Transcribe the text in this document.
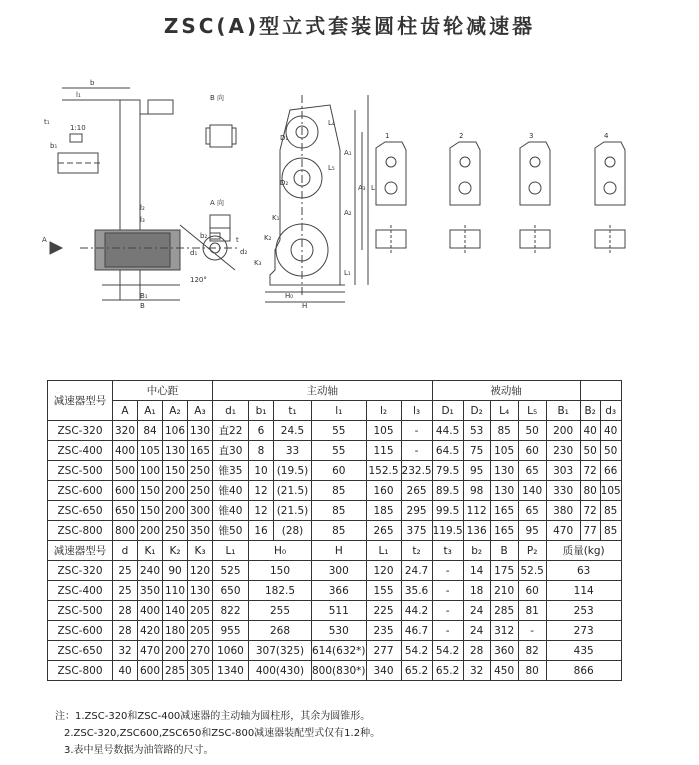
ZSC(A)型立式套装圆柱齿轮减速器
B 向
A 向
A
120°
1:10
1	2	3	4
b
l₁
b₁
t₁
b₂
d₁
t
l₂
d₂
l₃
B₁
B	H
H₀
L
A₁
A₂
A₃
L₁
L₄
L₅
D₁
D₂
K₁
K₂
K₃
减速器型号	中心距				主动轴						被动轴						
	A	A₁	A₂	A₃	d₁	b₁	t₁	l₁	l₂	l₃	D₁	D₂	L₄	L₅	B₁	B₂	d₃
ZSC-320	320	84	106	130	直22	6	24.5	55	105	-	44.5	53	85	50	200	40	40
ZSC-400	400	105	130	165	直30	8	33	55	115	-	64.5	75	105	60	230	50	50
ZSC-500	500	100	150	250	锥35	10	(19.5)	60	152.5	232.5	79.5	95	130	65	303	72	66
ZSC-600	600	150	200	250	锥40	12	(21.5)	85	160	265	89.5	98	130	140	330	80	105
ZSC-650	650	150	200	300	锥40	12	(21.5)	85	185	295	99.5	112	165	65	380	72	85
ZSC-800	800	200	250	350	锥50	16	(28)	85	265	375	119.5	136	165	95	470	77	85
减速器型号	d	K₁	K₂	K₃	L₁	H₀		H	L₁	t₂	t₃	b₂	B	P₂	质量(kg)		
ZSC-320	25	240	90	120	525	150		300	120	24.7	-	14	175	52.5	63		
ZSC-400	25	350	110	130	650	182.5		366	155	35.6	-	18	210	60	114		
ZSC-500	28	400	140	205	822	255		511	225	44.2	-	24	285	81	253		
ZSC-600	28	420	180	205	955	268		530	235	46.7	-	24	312	-	273		
ZSC-650	32	470	200	270	1060	307(325)		614(632*)	277	54.2	54.2	28	360	82	435		
ZSC-800	40	600	285	305	1340	400(430)		800(830*)	340	65.2	65.2	32	450	80	866		
注：1.ZSC-320和ZSC-400减速器的主动轴为圆柱形，其余为圆锥形。
2.ZSC-320,ZSC600,ZSC650和ZSC-800减速器装配型式仅有1.2种。
3.表中星号数据为油管路的尺寸。
